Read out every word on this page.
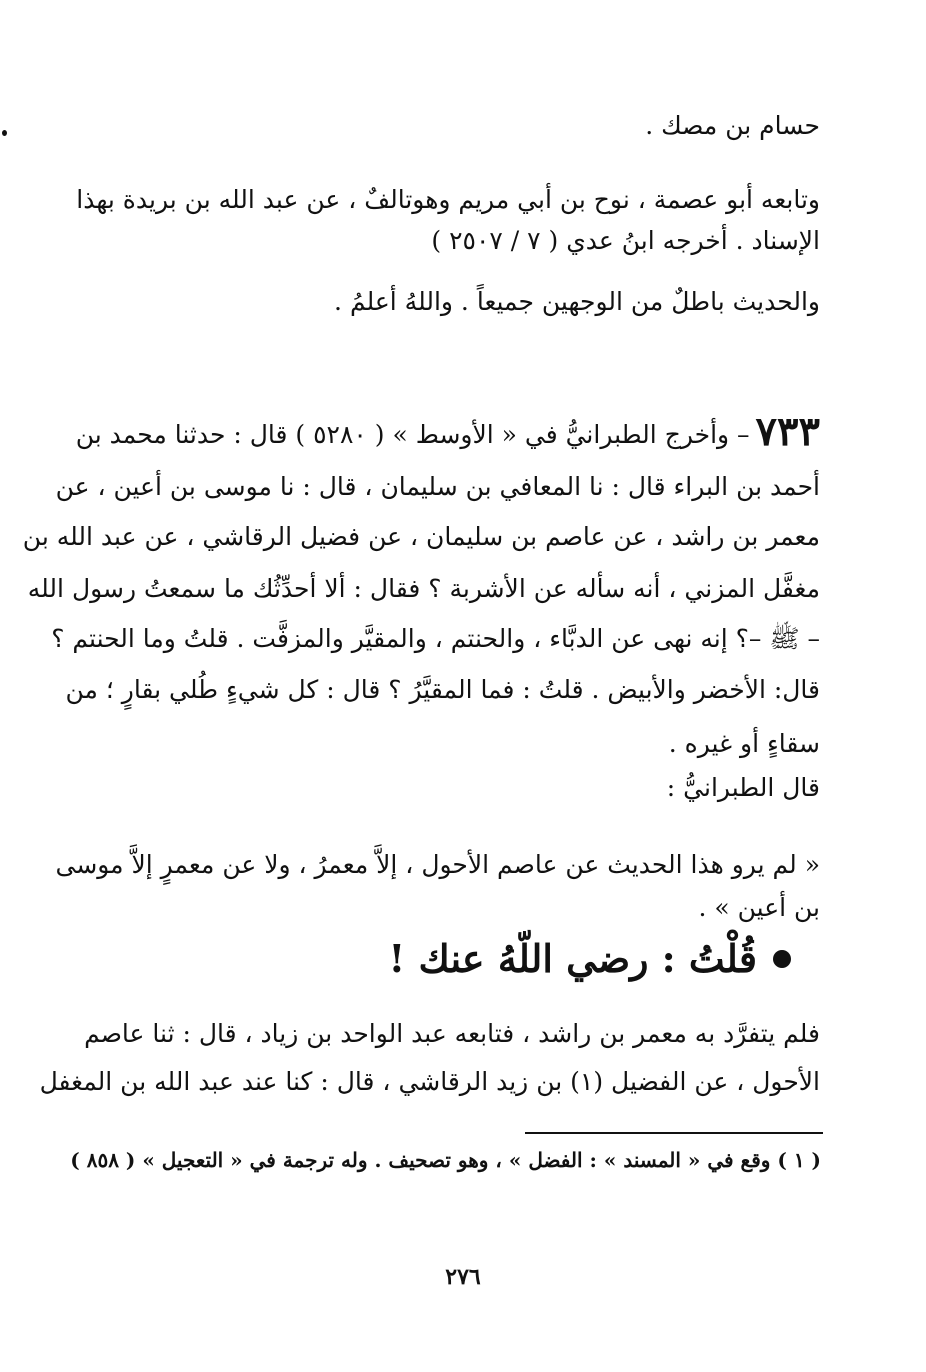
حسام بن مصك .
وتابعه أبو عصمة ، نوح بن أبي مريم وهوتالفٌ ، عن عبد الله بن بريدة بهذا
الإسناد . أخرجه ابنُ عدي ( ٧ / ٢٥٠٧ )
والحديث باطلٌ من الوجهين جميعاً . واللهُ أعلمُ .
٧٣٣– وأخرج الطبرانيُّ في « الأوسط » ( ٥٢٨٠ ) قال : حدثنا محمد بن
أحمد بن البراء قال : نا المعافي بن سليمان ، قال : نا موسى بن أعين ، عن
معمر بن راشد ، عن عاصم بن سليمان ، عن فضيل الرقاشي ، عن عبد الله بن
مغفَّل المزني ، أنه سأله عن الأشربة ؟ فقال : ألا أحدِّثُك ما سمعتُ رسول الله
– ﷺ –؟ إنه نهى عن الدبَّاء ، والحنتم ، والمقيَّر والمزفَّت . قلتُ وما الحنتم ؟
قال: الأخضر والأبيض . قلتُ : فما المقيَّرُ ؟ قال : كل شيءٍ طُلي بقارٍ ؛ من
سقاءٍ أو غيره .
قال الطبرانيُّ :
« لم يرو هذا الحديث عن عاصم الأحول ، إلاَّ معمرُ ، ولا عن معمرٍ إلاَّ موسى
بن أعين » .
قُلْتُ : رضي اللّهُ عنك !
فلم يتفرَّد به معمر بن راشد ، فتابعه عبد الواحد بن زياد ، قال : ثنا عاصم
الأحول ، عن الفضيل (١) بن زيد الرقاشي ، قال : كنا عند عبد الله بن المغفل
( ١ ) وقع في « المسند » : الفضل » ، وهو تصحيف . وله ترجمة في « التعجيل » ( ٨٥٨ )
٢٧٦
